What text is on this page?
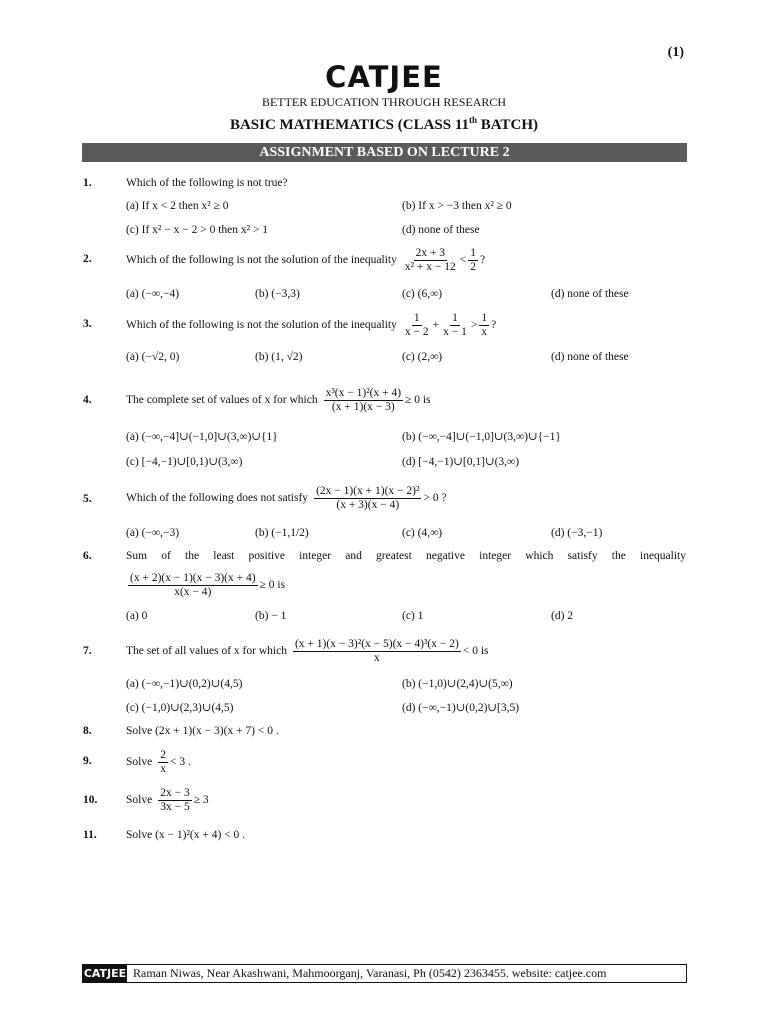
(1)
CATJEE
BETTER EDUCATION THROUGH RESEARCH
BASIC MATHEMATICS (CLASS 11th BATCH)
ASSIGNMENT BASED ON LECTURE 2
1.	Which of the following is not true?
(a) If x < 2 then x² ≥ 0	(b) If x > −3 then x² ≥ 0
(c) If x² − x − 2 > 0 then x² > 1	(d) none of these
2.	Which of the following is not the solution of the inequality $\frac{2x + 3}{\text{x² + x − 12}} < \frac{1}{2}$ ?
(a) (−∞,−4)	(b) (−3,3)	(c) (6,∞)	(d) none of these
3.	Which of the following is not the solution of the inequality $\frac{1}{x - 2} + \frac{1}{x - 1} > \frac{1}{x}$ ?
(a) (−√2, 0)	(b) (1, √2)	(c) (2,∞)	(d) none of these
4.	The complete set of values of x for which $\frac{\text{x³(x − 1)²(x + 4)}}{(x + 1)(x - 3)} \ge 0$ is
(a) (−∞,−4]∪(−1,0]∪(3,∞)∪{1}	(b) (−∞,−4]∪(−1,0]∪(3,∞)∪{−1}
(c) [−4,−1)∪[0,1)∪(3,∞)	(d) [−4,−1)∪[0,1]∪(3,∞)
5.	Which of the following does not satisfy $\frac{\text{(2x − 1)(x + 1)(x − 2)²}}{(x + 3)(x - 4)} > 0$ ?
(a) (−∞,−3)	(b) (−1,1/2)	(c) (4,∞)	(d) (−3,−1)
6.	Sum of the least positive integer and greatest negative integer which satisfy the inequality
$\frac{(x + 2)(x - 1)(x - 3)(x + 4)}{x(x - 4)} \ge 0$ is
(a) 0	(b) − 1	(c) 1	(d) 2
7.	The set of all values of x for which $\frac{\text{(x + 1)(x − 3)²(x − 5)(x − 4)³(x − 2)}}{x} < 0$ is
(a) (−∞,−1)∪(0,2)∪(4,5)	(b) (−1,0)∪(2,4)∪(5,∞)
(c) (−1,0)∪(2,3)∪(4,5)	(d) (−∞,−1)∪(0,2)∪[3,5)
8.	Solve (2x + 1)(x − 3)(x + 7) < 0 .
9.	Solve $\frac{2}{x} < 3$ .
10. Solve $\frac{2x - 3}{3x - 5} \ge 3$
11.	Solve (x − 1)²(x + 4) < 0 .
CATJEE Raman Niwas, Near Akashwani, Mahmoorganj, Varanasi, Ph (0542) 2363455. website: catjee.com
